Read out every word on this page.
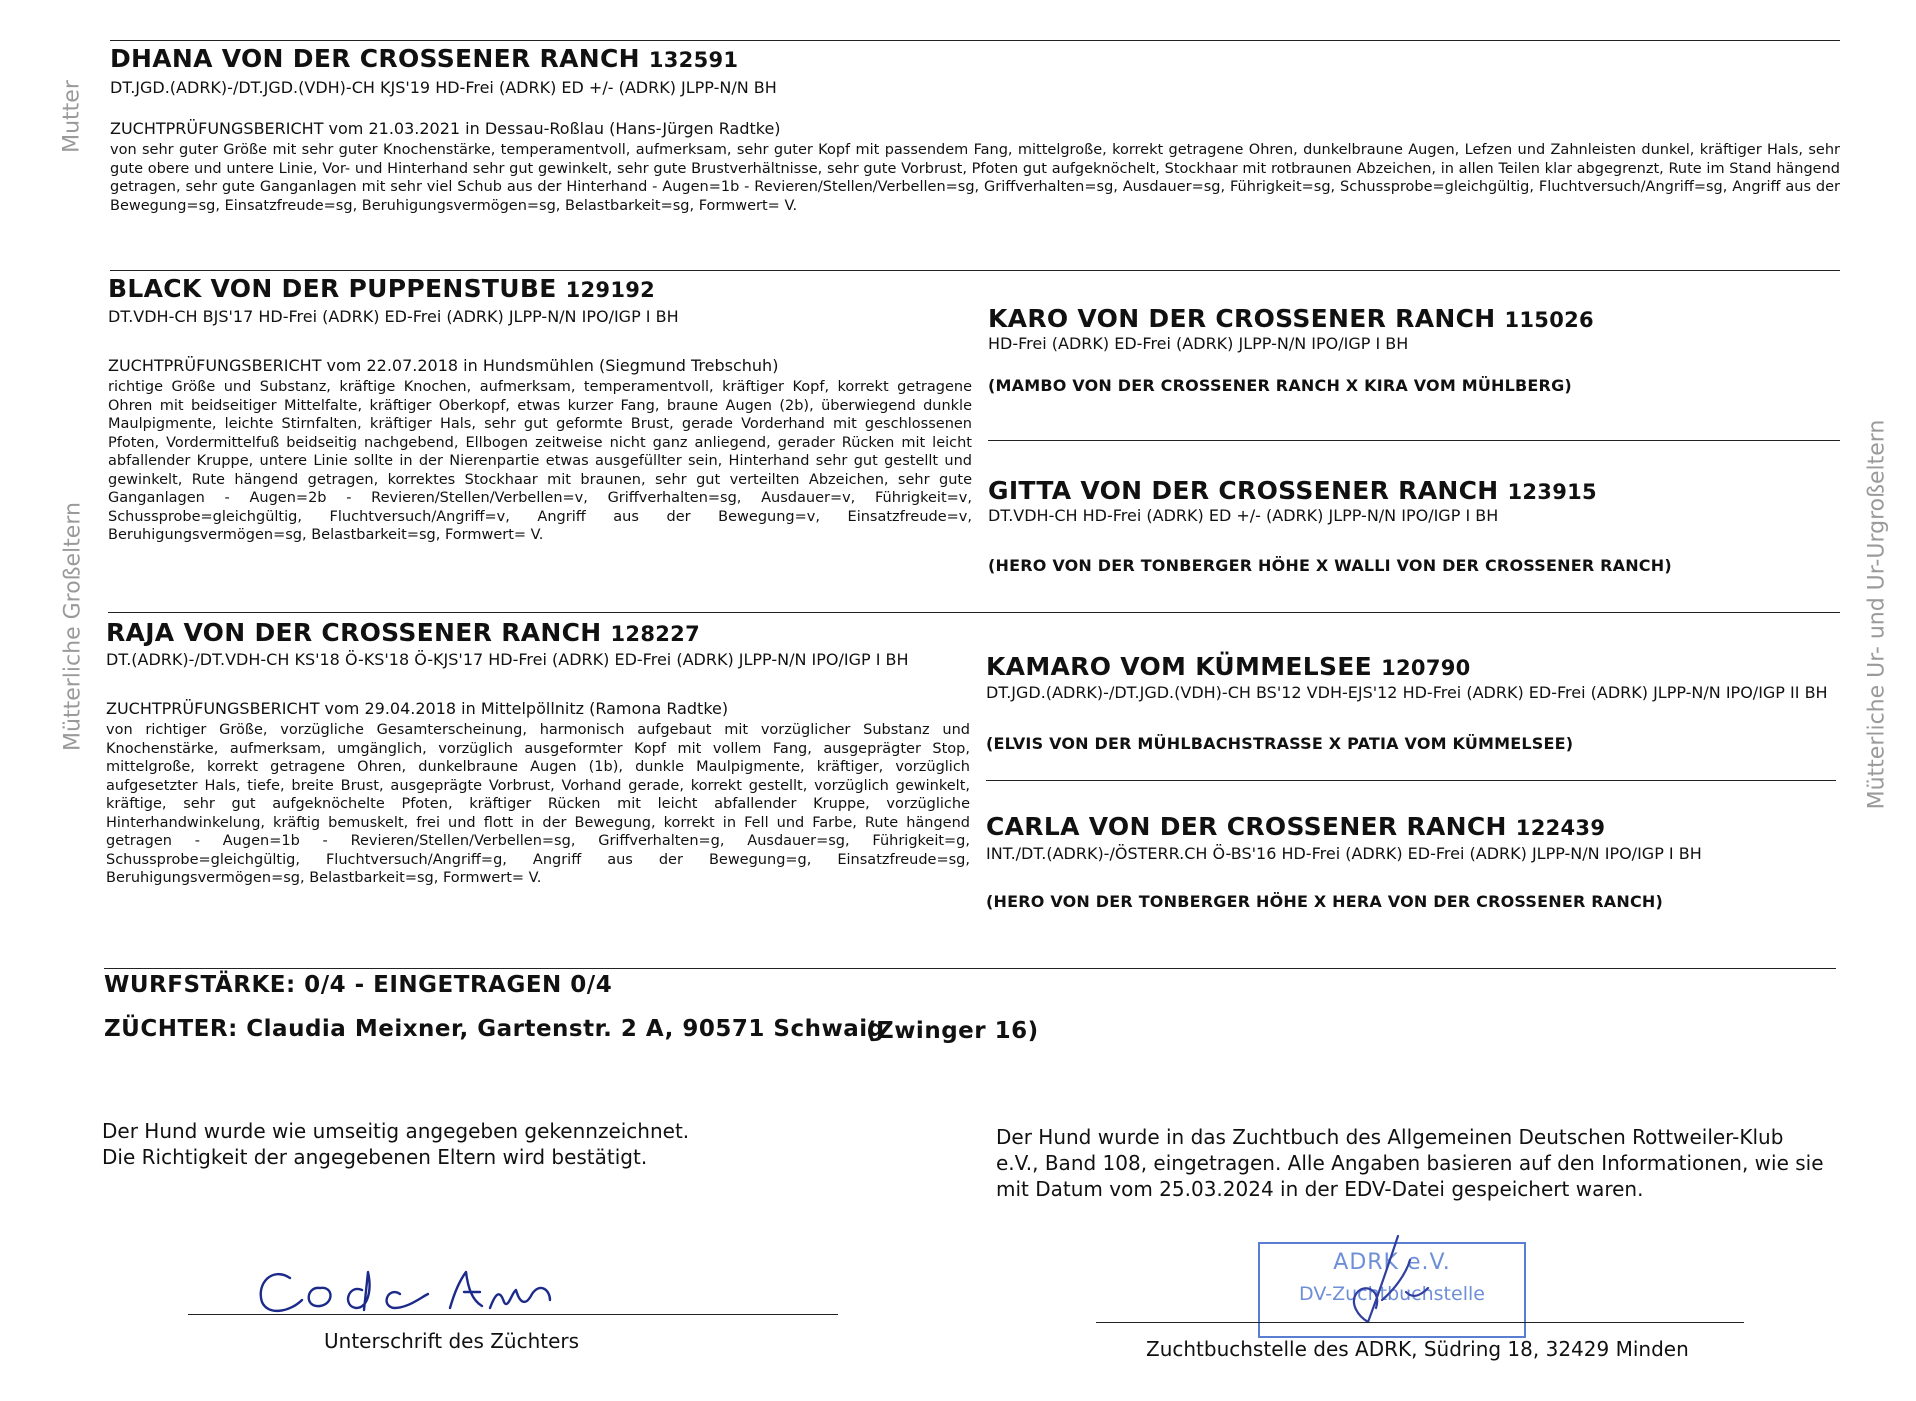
Mutter
Mütterliche Großeltern	Mütterliche Ur- und Ur-Urgroßeltern
DHANA VON DER CROSSENER RANCH 132591
DT.JGD.(ADRK)-/DT.JGD.(VDH)-CH KJS'19 HD-Frei (ADRK) ED +/- (ADRK) JLPP-N/N BH
ZUCHTPRÜFUNGSBERICHT vom 21.03.2021 in Dessau-Roßlau (Hans-Jürgen Radtke)
von sehr guter Größe mit sehr guter Knochenstärke, temperamentvoll, aufmerksam, sehr guter Kopf mit passendem Fang, mittelgroße, korrekt getragene Ohren, dunkelbraune Augen, Lefzen und Zahnleisten dunkel, kräftiger Hals, sehr gute obere und untere Linie, Vor- und Hinterhand sehr gut gewinkelt, sehr gute Brustverhältnisse, sehr gute Vorbrust, Pfoten gut aufgeknöchelt, Stockhaar mit rotbraunen Abzeichen, in allen Teilen klar abgegrenzt, Rute im Stand hängend getragen, sehr gute Ganganlagen mit sehr viel Schub aus der Hinterhand - Augen=1b - Revieren/Stellen/Verbellen=sg, Griffverhalten=sg, Ausdauer=sg, Führigkeit=sg, Schussprobe=gleichgültig, Fluchtversuch/Angriff=sg, Angriff aus der Bewegung=sg, Einsatzfreude=sg, Beruhigungsvermögen=sg, Belastbarkeit=sg, Formwert= V.
BLACK VON DER PUPPENSTUBE 129192
DT.VDH-CH BJS'17 HD-Frei (ADRK) ED-Frei (ADRK) JLPP-N/N IPO/IGP I BH
ZUCHTPRÜFUNGSBERICHT vom 22.07.2018 in Hundsmühlen (Siegmund Trebschuh)
richtige Größe und Substanz, kräftige Knochen, aufmerksam, temperamentvoll, kräftiger Kopf, korrekt getragene Ohren mit beidseitiger Mittelfalte, kräftiger Oberkopf, etwas kurzer Fang, braune Augen (2b), überwiegend dunkle Maulpigmente, leichte Stirnfalten, kräftiger Hals, sehr gut geformte Brust, gerade Vorderhand mit geschlossenen Pfoten, Vordermittelfuß beidseitig nachgebend, Ellbogen zeitweise nicht ganz anliegend, gerader Rücken mit leicht abfallender Kruppe, untere Linie sollte in der Nierenpartie etwas ausgefüllter sein, Hinterhand sehr gut gestellt und gewinkelt, Rute hängend getragen, korrektes Stockhaar mit braunen, sehr gut verteilten Abzeichen, sehr gute Ganganlagen - Augen=2b - Revieren/Stellen/Verbellen=v, Griffverhalten=sg, Ausdauer=v, Führigkeit=v, Schussprobe=gleichgültig, Fluchtversuch/Angriff=v, Angriff aus der Bewegung=v, Einsatzfreude=v, Beruhigungsvermögen=sg, Belastbarkeit=sg, Formwert= V.
KARO VON DER CROSSENER RANCH 115026
HD-Frei (ADRK) ED-Frei (ADRK) JLPP-N/N IPO/IGP I BH
(MAMBO VON DER CROSSENER RANCH X KIRA VOM MÜHLBERG)
GITTA VON DER CROSSENER RANCH 123915
DT.VDH-CH HD-Frei (ADRK) ED +/- (ADRK) JLPP-N/N IPO/IGP I BH
(HERO VON DER TONBERGER HÖHE X WALLI VON DER CROSSENER RANCH)
RAJA VON DER CROSSENER RANCH 128227
DT.(ADRK)-/DT.VDH-CH KS'18 Ö-KS'18 Ö-KJS'17 HD-Frei (ADRK) ED-Frei (ADRK) JLPP-N/N IPO/IGP I BH
ZUCHTPRÜFUNGSBERICHT vom 29.04.2018 in Mittelpöllnitz (Ramona Radtke)
von richtiger Größe, vorzügliche Gesamterscheinung, harmonisch aufgebaut mit vorzüglicher Substanz und Knochenstärke, aufmerksam, umgänglich, vorzüglich ausgeformter Kopf mit vollem Fang, ausgeprägter Stop, mittelgroße, korrekt getragene Ohren, dunkelbraune Augen (1b), dunkle Maulpigmente, kräftiger, vorzüglich aufgesetzter Hals, tiefe, breite Brust, ausgeprägte Vorbrust, Vorhand gerade, korrekt gestellt, vorzüglich gewinkelt, kräftige, sehr gut aufgeknöchelte Pfoten, kräftiger Rücken mit leicht abfallender Kruppe, vorzügliche Hinterhandwinkelung, kräftig bemuskelt, frei und flott in der Bewegung, korrekt in Fell und Farbe, Rute hängend getragen - Augen=1b - Revieren/Stellen/Verbellen=sg, Griffverhalten=g, Ausdauer=sg, Führigkeit=g, Schussprobe=gleichgültig, Fluchtversuch/Angriff=g, Angriff aus der Bewegung=g, Einsatzfreude=sg, Beruhigungsvermögen=sg, Belastbarkeit=sg, Formwert= V.
KAMARO VOM KÜMMELSEE 120790
DT.JGD.(ADRK)-/DT.JGD.(VDH)-CH BS'12 VDH-EJS'12 HD-Frei (ADRK) ED-Frei (ADRK) JLPP-N/N IPO/IGP II BH
(ELVIS VON DER MÜHLBACHSTRASSE X PATIA VOM KÜMMELSEE)
CARLA VON DER CROSSENER RANCH 122439
INT./DT.(ADRK)-/ÖSTERR.CH Ö-BS'16 HD-Frei (ADRK) ED-Frei (ADRK) JLPP-N/N IPO/IGP I BH
(HERO VON DER TONBERGER HÖHE X HERA VON DER CROSSENER RANCH)
WURFSTÄRKE: 0/4 - EINGETRAGEN 0/4
ZÜCHTER: Claudia Meixner, Gartenstr. 2 A, 90571 Schwaig
(Zwinger 16)
Der Hund wurde wie umseitig angegeben gekennzeichnet.
Die Richtigkeit der angegebenen Eltern wird bestätigt.
Der Hund wurde in das Zuchtbuch des Allgemeinen Deutschen Rottweiler-Klub e.V., Band 108, eingetragen. Alle Angaben basieren auf den Informationen, wie sie mit Datum vom 25.03.2024 in der EDV-Datei gespeichert waren.
Unterschrift des Züchters
ADRK e.V.
DV-Zuchtbuchstelle
Zuchtbuchstelle des ADRK, Südring 18, 32429 Minden
